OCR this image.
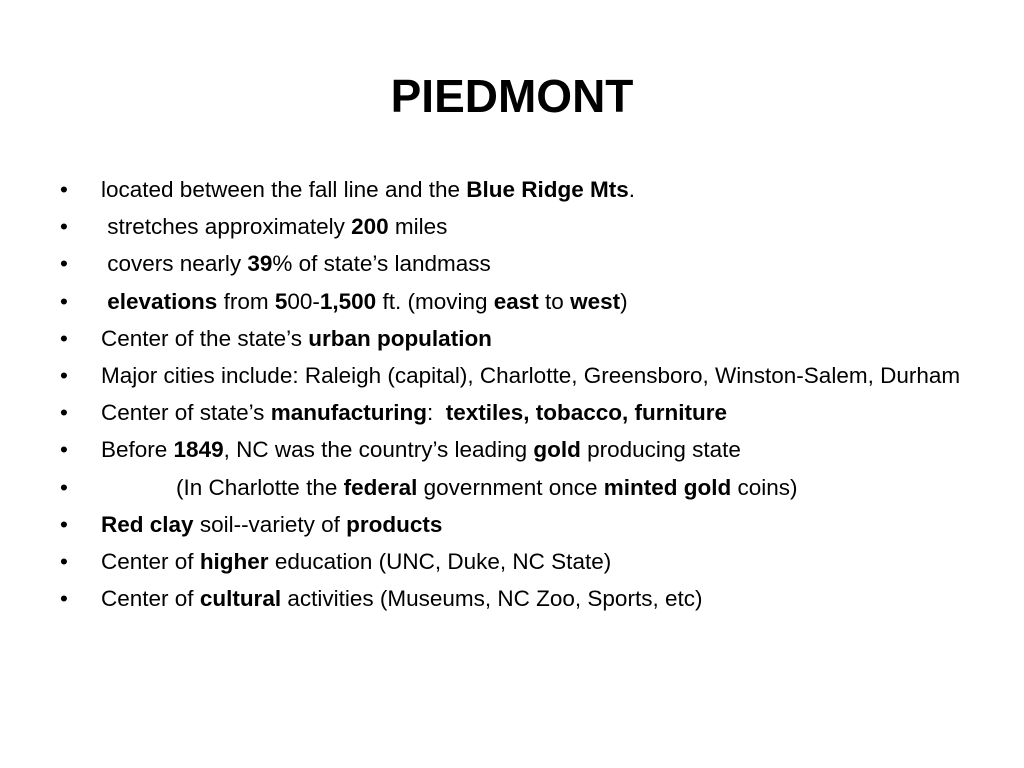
PIEDMONT
•	located between the fall line and the Blue Ridge Mts.
•	stretches approximately 200 miles
•	covers nearly 39% of state’s landmass
•	elevations from 500-1,500 ft. (moving east to west)
•	Center of the state’s urban population
•	Major cities include: Raleigh (capital), Charlotte, Greensboro, Winston-Salem, Durham
•	Center of state’s manufacturing:  textiles, tobacco, furniture
•	Before 1849, NC was the country’s leading gold producing state
•	(In Charlotte the federal government once minted gold coins)
•	Red clay soil--variety of products
•	Center of higher education (UNC, Duke, NC State)
•	Center of cultural activities (Museums, NC Zoo, Sports, etc)
